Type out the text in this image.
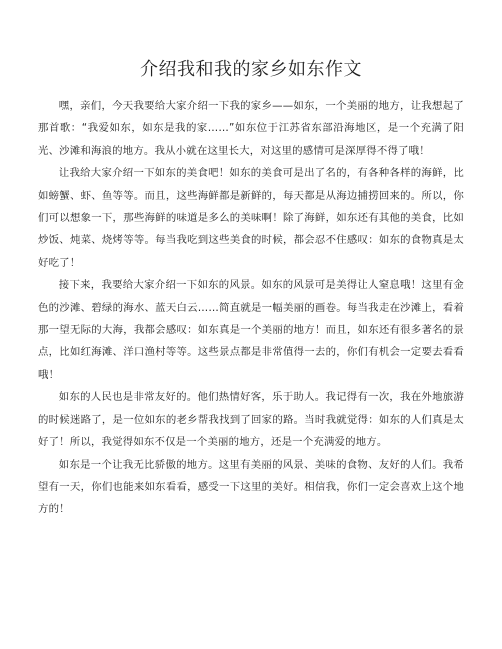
介绍我和我的家乡如东作文

嘿，亲们，今天我要给大家介绍一下我的家乡——如东，一个美丽的地方，让我想起了那首歌：“我爱如东，如东是我的家……”如东位于江苏省东部沿海地区，是一个充满了阳光、沙滩和海浪的地方。我从小就在这里长大，对这里的感情可是深厚得不得了哦！

让我给大家介绍一下如东的美食吧！如东的美食可是出了名的，有各种各样的海鲜，比如螃蟹、虾、鱼等等。而且，这些海鲜都是新鲜的，每天都是从海边捕捞回来的。所以，你们可以想象一下，那些海鲜的味道是多么的美味啊！除了海鲜，如东还有其他的美食，比如炒饭、炖菜、烧烤等等。每当我吃到这些美食的时候，都会忍不住感叹：如东的食物真是太好吃了！

接下来，我要给大家介绍一下如东的风景。如东的风景可是美得让人窒息哦！这里有金色的沙滩、碧绿的海水、蓝天白云……简直就是一幅美丽的画卷。每当我走在沙滩上，看着那一望无际的大海，我都会感叹：如东真是一个美丽的地方！而且，如东还有很多著名的景点，比如红海滩、洋口渔村等等。这些景点都是非常值得一去的，你们有机会一定要去看看哦！

如东的人民也是非常友好的。他们热情好客，乐于助人。我记得有一次，我在外地旅游的时候迷路了，是一位如东的老乡帮我找到了回家的路。当时我就觉得：如东的人们真是太好了！所以，我觉得如东不仅是一个美丽的地方，还是一个充满爱的地方。

如东是一个让我无比骄傲的地方。这里有美丽的风景、美味的食物、友好的人们。我希望有一天，你们也能来如东看看，感受一下这里的美好。相信我，你们一定会喜欢上这个地方的！
